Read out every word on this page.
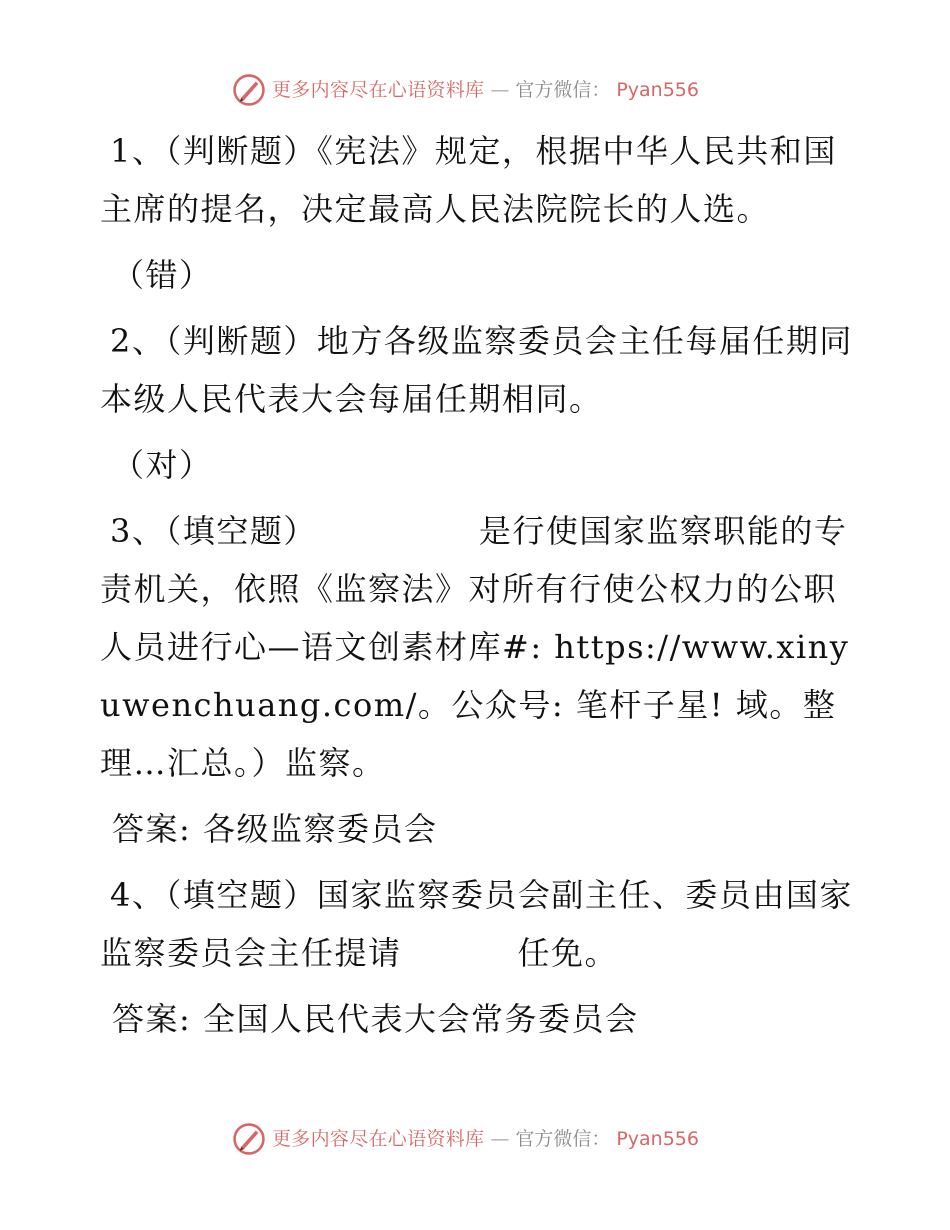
更多内容尽在心语资料库 — 官方微信： Pyan556

1、（判断题）《宪法》规定，根据中华人民共和国主席的提名，决定最高人民法院院长的人选。

（错）

2、（判断题）地方各级监察委员会主任每届任期同本级人民代表大会每届任期相同。

（对）

3、（填空题）	是行使国家监察职能的专责机关，依照《监察法》对所有行使公权力的公职人员进行心—语文创素材库#: https://www.xinyuwenchuang.com/。公众号: 笔杆子星! 域。整理…汇总。）监察。

答案: 各级监察委员会

4、（填空题）国家监察委员会副主任、委员由国家监察委员会主任提请	任免。

答案: 全国人民代表大会常务委员会

更多内容尽在心语资料库 — 官方微信： Pyan556
